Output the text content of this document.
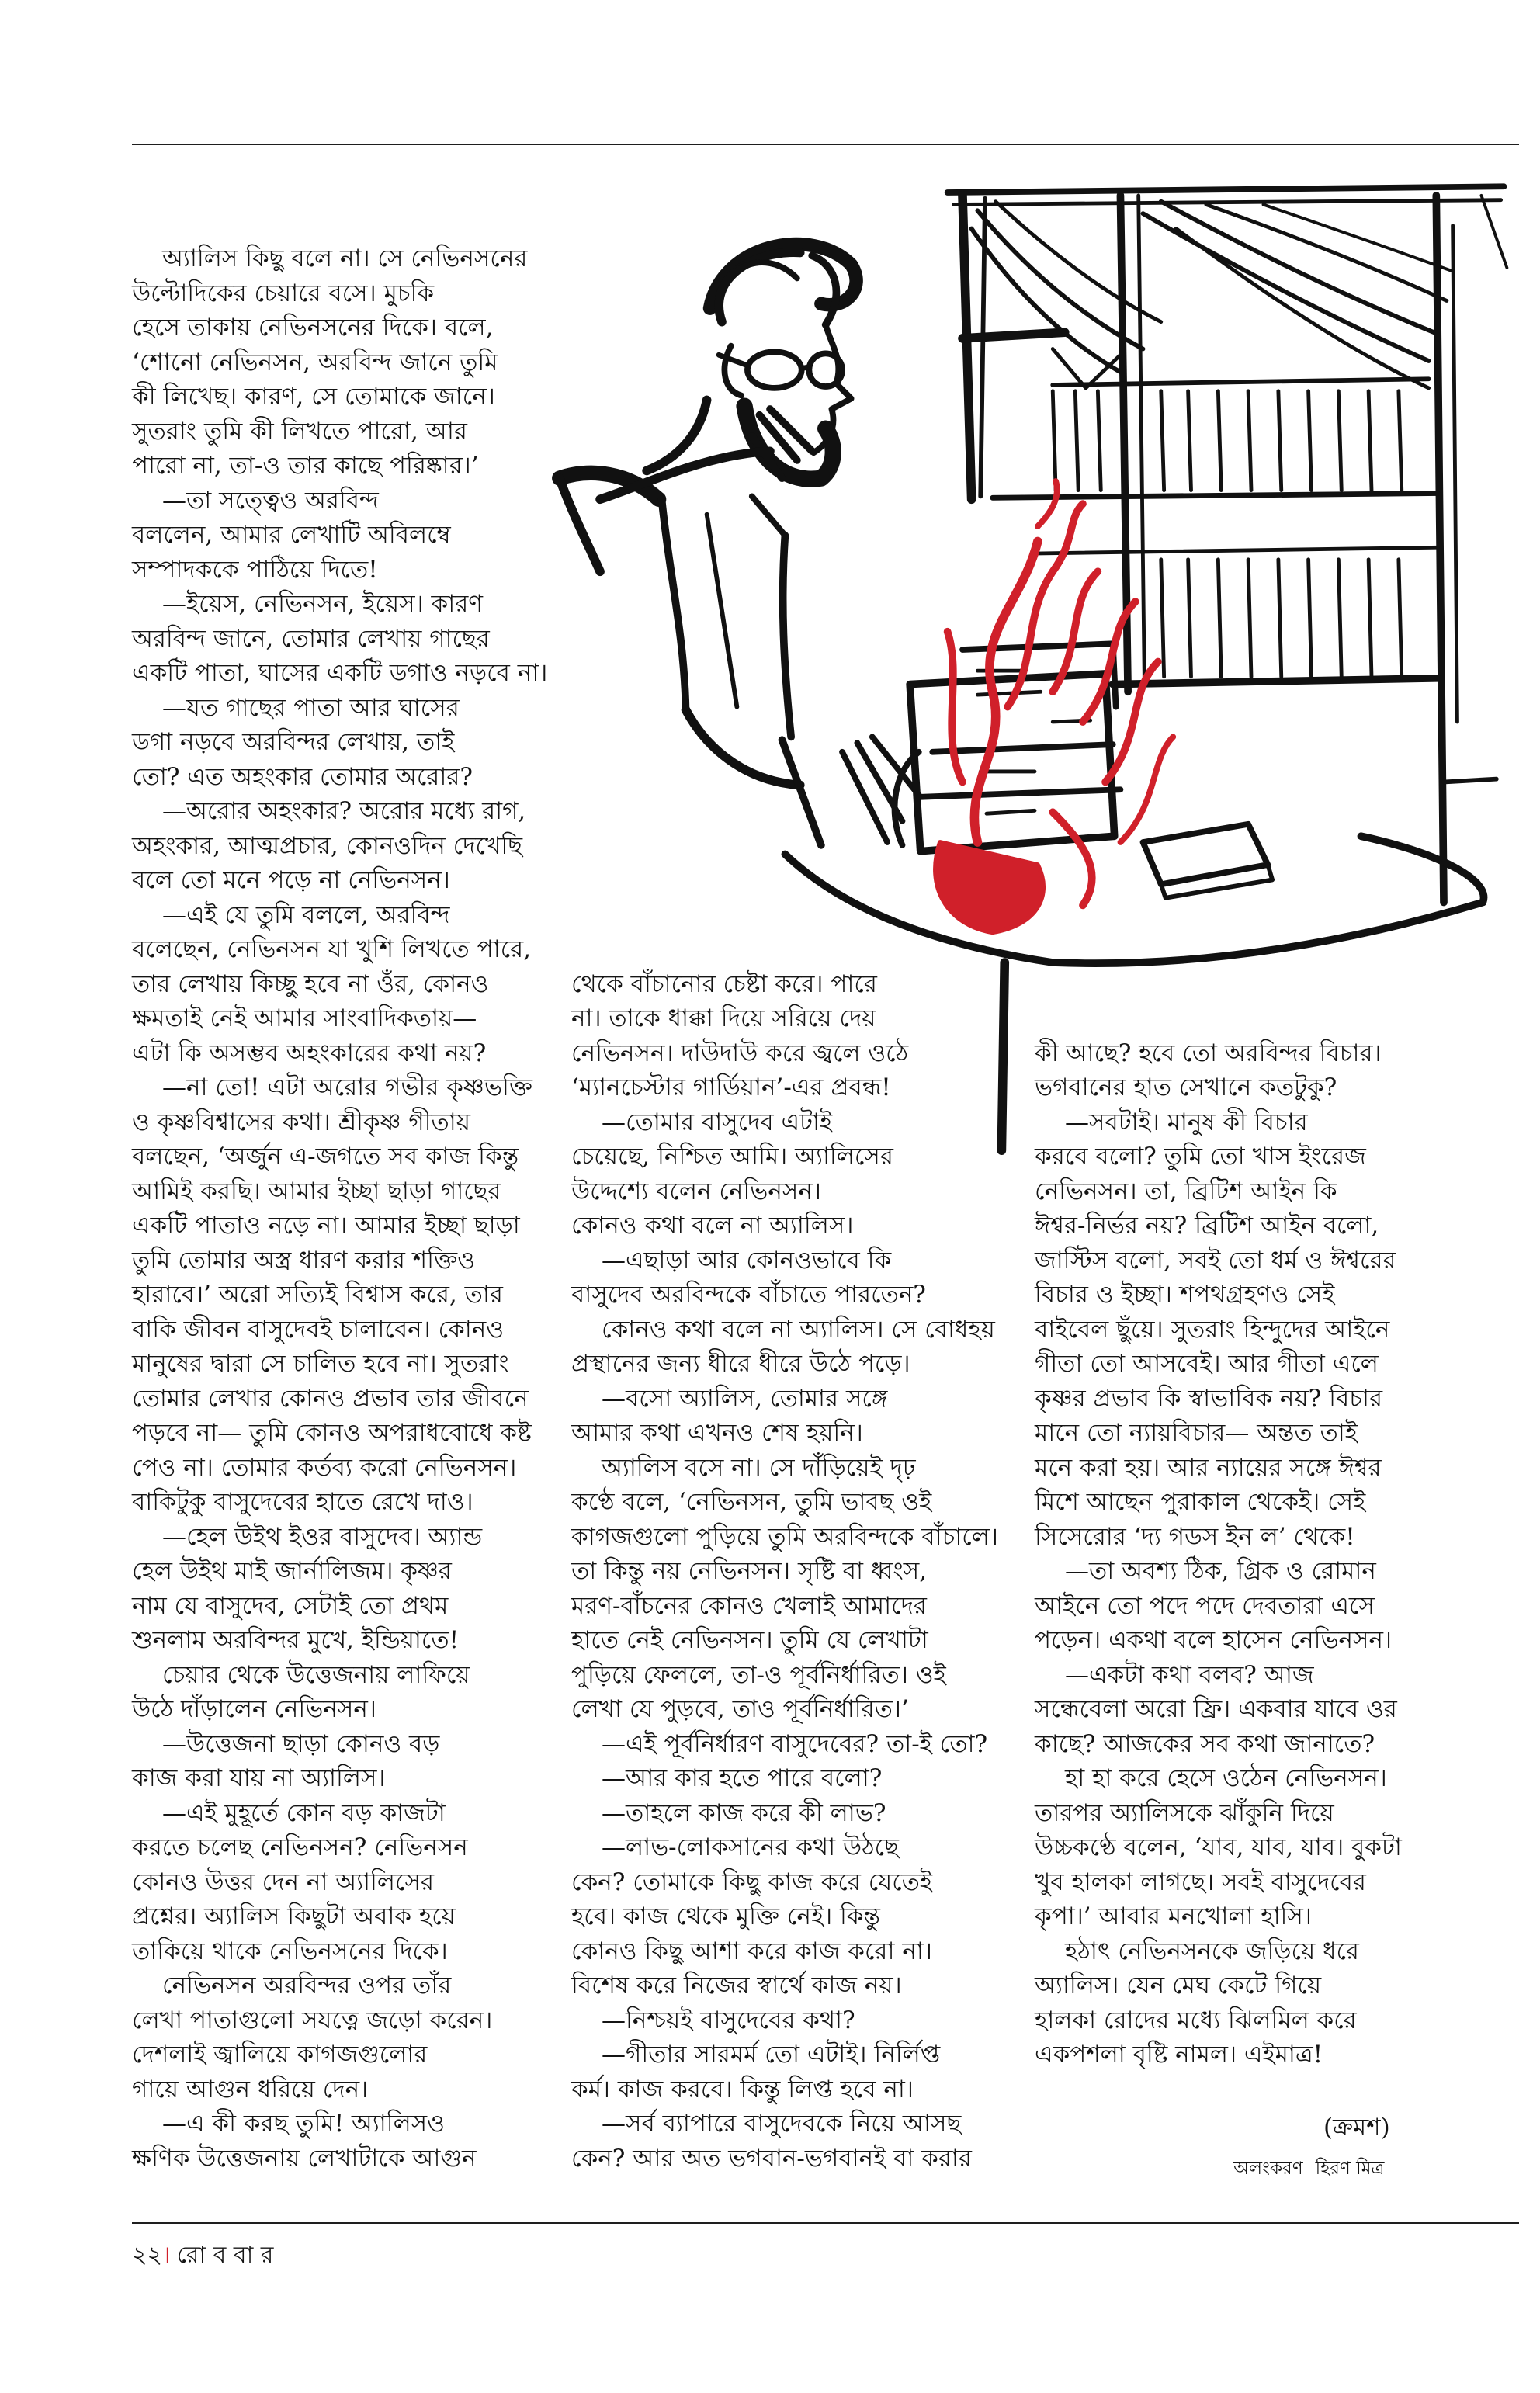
অ্যালিস কিছু বলে না। সে নেভিনসনের
উল্টোদিকের চেয়ারে বসে। মুচকি
হেসে তাকায় নেভিনসনের দিকে। বলে,
‘শোনো নেভিনসন, অরবিন্দ জানে তুমি
কী লিখেছ। কারণ, সে তোমাকে জানে।
সুতরাং তুমি কী লিখতে পারো, আর
পারো না, তা-ও তার কাছে পরিষ্কার।’
—তা সত্ত্বেও অরবিন্দ
বললেন, আমার লেখাটি অবিলম্বে
সম্পাদককে পাঠিয়ে দিতে!
—ইয়েস, নেভিনসন, ইয়েস। কারণ
অরবিন্দ জানে, তোমার লেখায় গাছের
একটি পাতা, ঘাসের একটি ডগাও নড়বে না।
—যত গাছের পাতা আর ঘাসের
ডগা নড়বে অরবিন্দর লেখায়, তাই
তো? এত অহংকার তোমার অরোর?
—অরোর অহংকার? অরোর মধ্যে রাগ,
অহংকার, আত্মপ্রচার, কোনওদিন দেখেছি
বলে তো মনে পড়ে না নেভিনসন।
—এই যে তুমি বললে, অরবিন্দ
বলেছেন, নেভিনসন যা খুশি লিখতে পারে,
তার লেখায় কিচ্ছু হবে না ওঁর, কোনও
ক্ষমতাই নেই আমার সাংবাদিকতায়—
এটা কি অসম্ভব অহংকারের কথা নয়?
—না তো! এটা অরোর গভীর কৃষ্ণভক্তি
ও কৃষ্ণবিশ্বাসের কথা। শ্রীকৃষ্ণ গীতায়
বলছেন, ‘অর্জুন এ-জগতে সব কাজ কিন্তু
আমিই করছি। আমার ইচ্ছা ছাড়া গাছের
একটি পাতাও নড়ে না। আমার ইচ্ছা ছাড়া
তুমি তোমার অস্ত্র ধারণ করার শক্তিও
হারাবে।’ অরো সত্যিই বিশ্বাস করে, তার
বাকি জীবন বাসুদেবই চালাবেন। কোনও
মানুষের দ্বারা সে চালিত হবে না। সুতরাং
তোমার লেখার কোনও প্রভাব তার জীবনে
পড়বে না— তুমি কোনও অপরাধবোধে কষ্ট
পেও না। তোমার কর্তব্য করো নেভিনসন।
বাকিটুকু বাসুদেবের হাতে রেখে দাও।
—হেল উইথ ইওর বাসুদেব। অ্যান্ড
হেল উইথ মাই জার্নালিজম। কৃষ্ণর
নাম যে বাসুদেব, সেটাই তো প্রথম
শুনলাম অরবিন্দর মুখে, ইন্ডিয়াতে!
চেয়ার থেকে উত্তেজনায় লাফিয়ে
উঠে দাঁড়ালেন নেভিনসন।
—উত্তেজনা ছাড়া কোনও বড়
কাজ করা যায় না অ্যালিস।
—এই মুহূর্তে কোন বড় কাজটা
করতে চলেছ নেভিনসন? নেভিনসন
কোনও উত্তর দেন না অ্যালিসের
প্রশ্নের। অ্যালিস কিছুটা অবাক হয়ে
তাকিয়ে থাকে নেভিনসনের দিকে।
নেভিনসন অরবিন্দর ওপর তাঁর
লেখা পাতাগুলো সযত্নে জড়ো করেন।
দেশলাই জ্বালিয়ে কাগজগুলোর
গায়ে আগুন ধরিয়ে দেন।
—এ কী করছ তুমি! অ্যালিসও
ক্ষণিক উত্তেজনায় লেখাটাকে আগুন
থেকে বাঁচানোর চেষ্টা করে। পারে
না। তাকে ধাক্কা দিয়ে সরিয়ে দেয়
নেভিনসন। দাউদাউ করে জ্বলে ওঠে
‘ম্যানচেস্টার গার্ডিয়ান’-এর প্রবন্ধ!
—তোমার বাসুদেব এটাই
চেয়েছে, নিশ্চিত আমি। অ্যালিসের
উদ্দেশ্যে বলেন নেভিনসন।
কোনও কথা বলে না অ্যালিস।
—এছাড়া আর কোনওভাবে কি
বাসুদেব অরবিন্দকে বাঁচাতে পারতেন?
কোনও কথা বলে না অ্যালিস। সে বোধহয়
প্রস্থানের জন্য ধীরে ধীরে উঠে পড়ে।
—বসো অ্যালিস, তোমার সঙ্গে
আমার কথা এখনও শেষ হয়নি।
অ্যালিস বসে না। সে দাঁড়িয়েই দৃঢ়
কণ্ঠে বলে, ‘নেভিনসন, তুমি ভাবছ ওই
কাগজগুলো পুড়িয়ে তুমি অরবিন্দকে বাঁচালে।
তা কিন্তু নয় নেভিনসন। সৃষ্টি বা ধ্বংস,
মরণ-বাঁচনের কোনও খেলাই আমাদের
হাতে নেই নেভিনসন। তুমি যে লেখাটা
পুড়িয়ে ফেললে, তা-ও পূর্বনির্ধারিত। ওই
লেখা যে পুড়বে, তাও পূর্বনির্ধারিত।’
—এই পূর্বনির্ধারণ বাসুদেবের? তা-ই তো?
—আর কার হতে পারে বলো?
—তাহলে কাজ করে কী লাভ?
—লাভ-লোকসানের কথা উঠছে
কেন? তোমাকে কিছু কাজ করে যেতেই
হবে। কাজ থেকে মুক্তি নেই। কিন্তু
কোনও কিছু আশা করে কাজ করো না।
বিশেষ করে নিজের স্বার্থে কাজ নয়।
—নিশ্চয়ই বাসুদেবের কথা?
—গীতার সারমর্ম তো এটাই। নির্লিপ্ত
কর্ম। কাজ করবে। কিন্তু লিপ্ত হবে না।
—সর্ব ব্যাপারে বাসুদেবকে নিয়ে আসছ
কেন? আর অত ভগবান-ভগবানই বা করার
কী আছে? হবে তো অরবিন্দর বিচার।
ভগবানের হাত সেখানে কতটুকু?
—সবটাই। মানুষ কী বিচার
করবে বলো? তুমি তো খাস ইংরেজ
নেভিনসন। তা, ব্রিটিশ আইন কি
ঈশ্বর-নির্ভর নয়? ব্রিটিশ আইন বলো,
জাস্টিস বলো, সবই তো ধর্ম ও ঈশ্বরের
বিচার ও ইচ্ছা। শপথগ্রহণও সেই
বাইবেল ছুঁয়ে। সুতরাং হিন্দুদের আইনে
গীতা তো আসবেই। আর গীতা এলে
কৃষ্ণর প্রভাব কি স্বাভাবিক নয়? বিচার
মানে তো ন্যায়বিচার— অন্তত তাই
মনে করা হয়। আর ন্যায়ের সঙ্গে ঈশ্বর
মিশে আছেন পুরাকাল থেকেই। সেই
সিসেরোর ‘দ্য গডস ইন ল’ থেকে!
—তা অবশ্য ঠিক, গ্রিক ও রোমান
আইনে তো পদে পদে দেবতারা এসে
পড়েন। একথা বলে হাসেন নেভিনসন।
—একটা কথা বলব? আজ
সন্ধেবেলা অরো ফ্রি। একবার যাবে ওর
কাছে? আজকের সব কথা জানাতে?
হা হা করে হেসে ওঠেন নেভিনসন।
তারপর অ্যালিসকে ঝাঁকুনি দিয়ে
উচ্চকণ্ঠে বলেন, ‘যাব, যাব, যাব। বুকটা
খুব হালকা লাগছে। সবই বাসুদেবের
কৃপা।’ আবার মনখোলা হাসি।
হঠাৎ নেভিনসনকে জড়িয়ে ধরে
অ্যালিস। যেন মেঘ কেটে গিয়ে
হালকা রোদের মধ্যে ঝিলমিল করে
একপশলা বৃষ্টি নামল। এইমাত্র!
(ক্রমশ)
অলংকরণ হিরণ মিত্র
২২। রো ব বা র
